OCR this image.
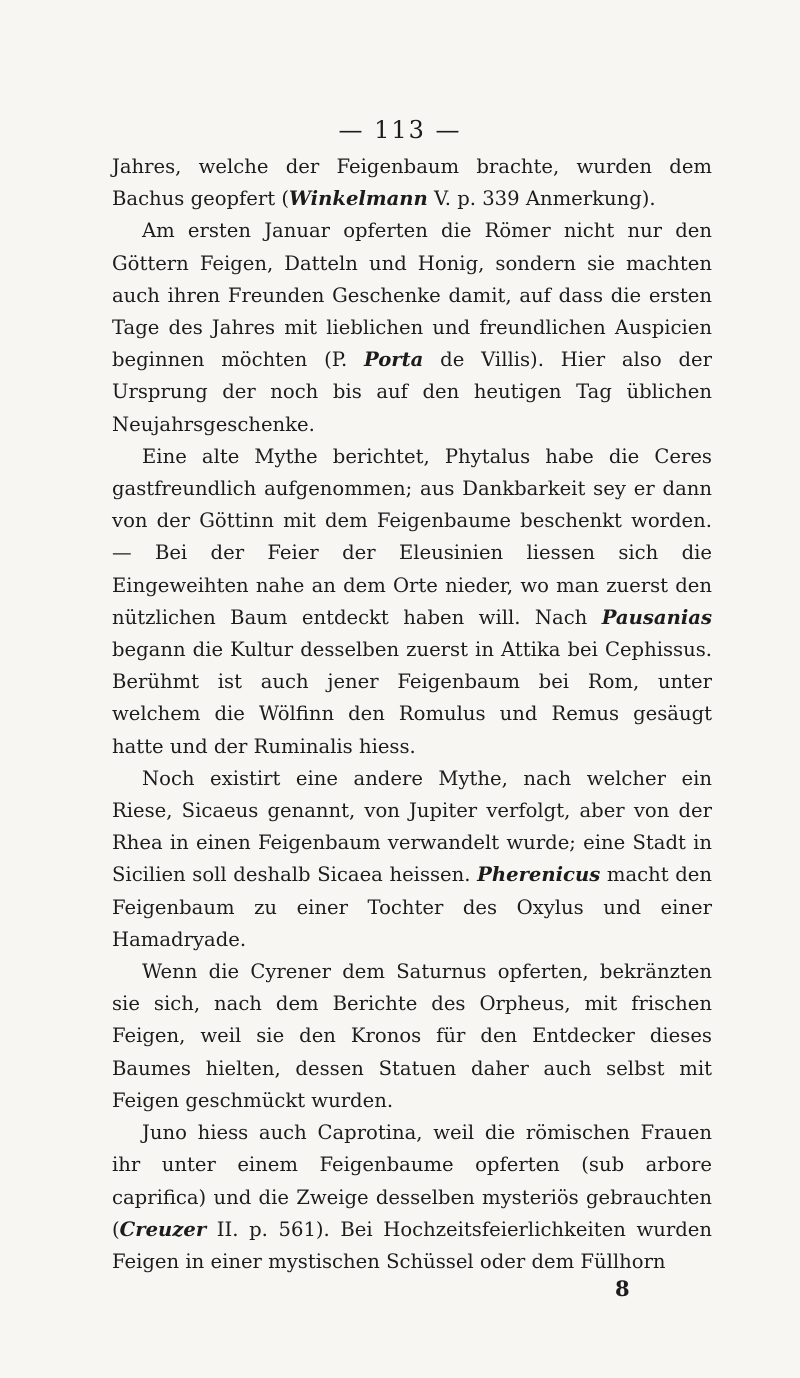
— 113 —

Jahres, welche der Feigenbaum brachte, wurden dem Bachus geopfert (Winkelmann V. p. 339 Anmerkung).

Am ersten Januar opferten die Römer nicht nur den Göttern Feigen, Datteln und Honig, sondern sie machten auch ihren Freunden Geschenke damit, auf dass die ersten Tage des Jahres mit lieblichen und freundlichen Auspicien beginnen möchten (P. Porta de Villis). Hier also der Ursprung der noch bis auf den heutigen Tag üblichen Neujahrsgeschenke.

Eine alte Mythe berichtet, Phytalus habe die Ceres gastfreundlich aufgenommen; aus Dankbarkeit sey er dann von der Göttinn mit dem Feigenbaume beschenkt worden. — Bei der Feier der Eleusinien liessen sich die Eingeweihten nahe an dem Orte nieder, wo man zuerst den nützlichen Baum entdeckt haben will. Nach Pausanias begann die Kultur desselben zuerst in Attika bei Cephissus. Berühmt ist auch jener Feigenbaum bei Rom, unter welchem die Wölfinn den Romulus und Remus gesäugt hatte und der Ruminalis hiess.

Noch existirt eine andere Mythe, nach welcher ein Riese, Sicaeus genannt, von Jupiter verfolgt, aber von der Rhea in einen Feigenbaum verwandelt wurde; eine Stadt in Sicilien soll deshalb Sicaea heissen. Pherenicus macht den Feigenbaum zu einer Tochter des Oxylus und einer Hamadryade.

Wenn die Cyrener dem Saturnus opferten, bekränzten sie sich, nach dem Berichte des Orpheus, mit frischen Feigen, weil sie den Kronos für den Entdecker dieses Baumes hielten, dessen Statuen daher auch selbst mit Feigen geschmückt wurden.

Juno hiess auch Caprotina, weil die römischen Frauen ihr unter einem Feigenbaume opferten (sub arbore caprifica) und die Zweige desselben mysteriös gebrauchten (Creuzer II. p. 561). Bei Hochzeitsfeierlichkeiten wurden Feigen in einer mystischen Schüssel oder dem Füllhorn

8
